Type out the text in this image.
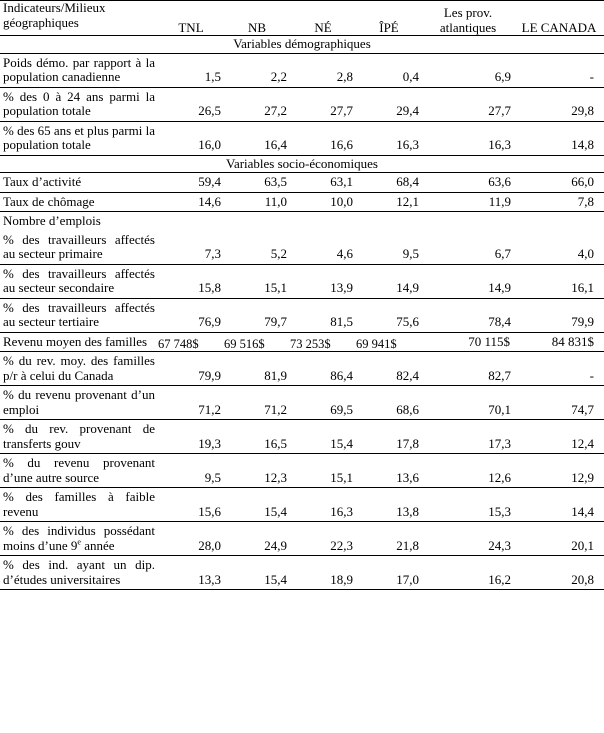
Indicateurs/Milieux géographiques	TNL	NB	NÉ	ÎPÉ	Les prov. atlantiques	LE CANADA
Variables démographiques						
Poids démo. par rapport à la population canadienne	1,5	2,2	2,8	0,4	6,9	-
% des 0 à 24 ans parmi la population totale	26,5	27,2	27,7	29,4	27,7	29,8
% des 65 ans et plus parmi la population totale	16,0	16,4	16,6	16,3	16,3	14,8
Variables socio-économiques						
Taux d’activité	59,4	63,5	63,1	68,4	63,6	66,0
Taux de chômage	14,6	11,0	10,0	12,1	11,9	7,8
Nombre d’emplois						
% des travailleurs affectés au secteur primaire	7,3	5,2	4,6	9,5	6,7	4,0
% des travailleurs affectés au secteur secondaire	15,8	15,1	13,9	14,9	14,9	16,1
% des travailleurs affectés au secteur tertiaire	76,9	79,7	81,5	75,6	78,4	79,9
Revenu moyen des familles	67 748$	69 516$	73 253$	69 941$	70 115$	84 831$
% du rev. moy. des familles p/r à celui du Canada	79,9	81,9	86,4	82,4	82,7	-
% du revenu provenant d’un emploi	71,2	71,2	69,5	68,6	70,1	74,7
% du rev. provenant de transferts gouv	19,3	16,5	15,4	17,8	17,3	12,4
% du revenu provenant d’une autre source	9,5	12,3	15,1	13,6	12,6	12,9
% des familles à faible revenu	15,6	15,4	16,3	13,8	15,3	14,4
% des individus possédant moins d’une 9e année	28,0	24,9	22,3	21,8	24,3	20,1
% des ind. ayant un dip. d’études universitaires	13,3	15,4	18,9	17,0	16,2	20,8
